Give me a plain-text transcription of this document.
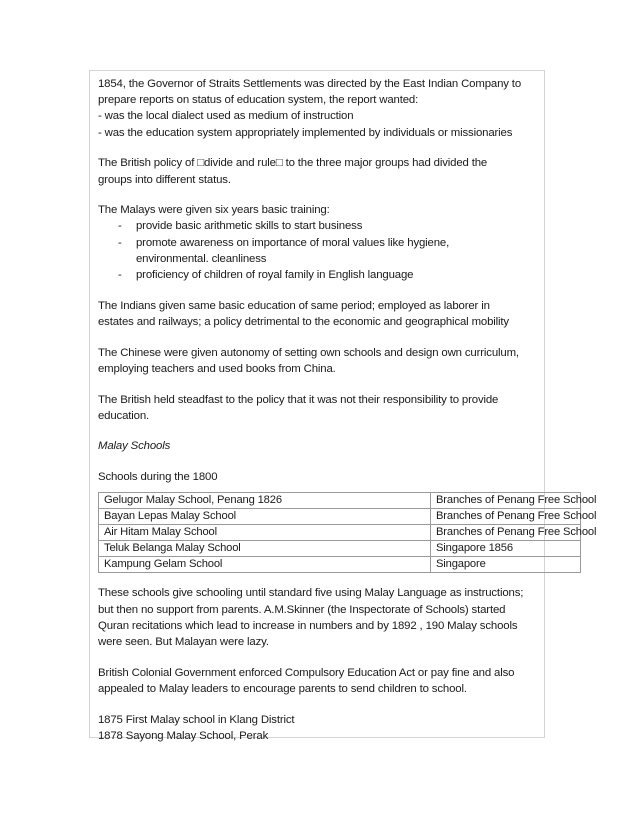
1854, the Governor of Straits Settlements was directed by the East Indian Company to
prepare reports on status of education system, the report wanted:
- was the local dialect used as medium of instruction
- was the education system appropriately implemented by individuals or missionaries

The British policy of □divide and rule□ to the three major groups had divided the
groups into different status.

The Malays were given six years basic training:
- provide basic arithmetic skills to start business
- promote awareness on importance of moral values like hygiene,
environmental. cleanliness
- proficiency of children of royal family in English language

The Indians given same basic education of same period; employed as laborer in
estates and railways; a policy detrimental to the economic and geographical mobility

The Chinese were given autonomy of setting own schools and design own curriculum,
employing teachers and used books from China.

The British held steadfast to the policy that it was not their responsibility to provide
education.

Malay Schools

Schools during the 1800

Gelugor Malay School, Penang 1826	Branches of Penang Free School
Bayan Lepas Malay School	Branches of Penang Free School
Air Hitam Malay School	Branches of Penang Free School
Teluk Belanga Malay School	Singapore 1856
Kampung Gelam School	Singapore

These schools give schooling until standard five using Malay Language as instructions;
but then no support from parents. A.M.Skinner (the Inspectorate of Schools) started
Quran recitations which lead to increase in numbers and by 1892 , 190 Malay schools
were seen. But Malayan were lazy.

British Colonial Government enforced Compulsory Education Act or pay fine and also
appealed to Malay leaders to encourage parents to send children to school.

1875 First Malay school in Klang District
1878 Sayong Malay School, Perak
